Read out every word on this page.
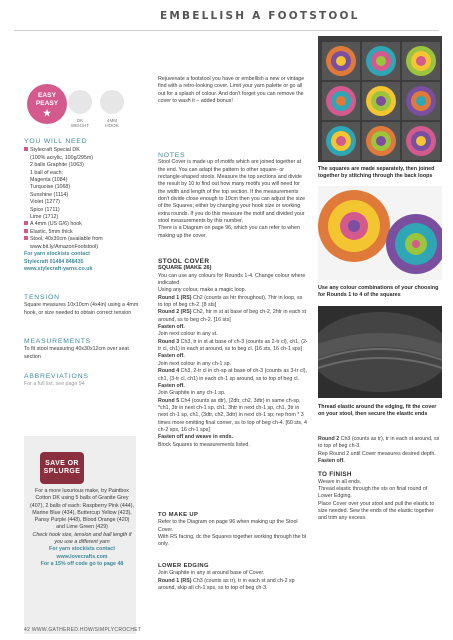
EMBELLISH A FOOTSTOOL
EASY
PEASY
★
DK
WEIGHT
4MM
HOOK
YOU WILL NEED
Stylecraft Special DK
(100% acrylic, 100g/295m)
2 balls Graphite (1063)
1 ball of each:
Magenta (1084)
Turquoise (1068)
Sunshine (1114)
Violet (1277)
Spice (1711)
Lime (1712)
A 4mm (US G/6) hook
Elastic, 5mm thick
Stool, 40x30cm (available from
www.bit.ly/AmazonFootstool)
For yarn stockists contact
Stylecraft 01484 848435
www.stylecraft-yarns.co.uk
TENSION
Square measures 10x10cm (4x4in) using a 4mm hook, or size needed to obtain correct tension
MEASUREMENTS
To fit stool measuring 40x30x12cm over seat section
ABBREVIATIONS
For a full list, see page 94
SAVE OR
SPLURGE
For a more luxurious make, try Paintbox Cotton DK using 5 balls of Granite Grey (407), 2 balls of each: Raspberry Pink (444), Marine Blue (434), Buttercup Yellow (423), Pansy Purple (448), Blood Orange (420) and Lime Green (429)
Check hook size, tension and ball length if you use a different yarn
For yarn stockists contact www.lovecrafts.com
For a 15% off code go to page 48
Rejuvenate a footstool you have or embellish a new or vintage find with a retro-looking cover. Limit your yarn palette or go all out for a splash of colour. And don't forget you can remove the cover to wash it – added bonus!
NOTES
Stool Cover is made up of motifs which are joined together at the end. You can adapt the pattern to other square- or rectangle-shaped stools. Measure the top sections and divide the result by 10 to find out how many motifs you will need for the width and length of the top section. If the measurements don't divide close enough to 10cm then you can adjust the size of the Squares; either by changing your hook size or working extra rounds. If you do this measure the motif and divided your stool measurements by this number.
There is a Diagram on page 96, which you can refer to when making up the cover.
STOOL COVER
SQUARE (MAKE 26)
You can use any colours for Rounds 1-4. Change colour where indicated.
Using any colour, make a magic loop.
Round 1 (RS) Ch2 (counts as htr throughout), 7htr in loop, ss to top of beg ch-2. [8 sts]
Round 2 (RS) Ch2, htr in st at base of beg ch-2, 2htr in each st around, ss to beg ch-2. [16 sts]
Fasten off.
Join next colour in any st.
Round 3 Ch3, tr in st at base of ch-3 (counts as 2-tr cl), ch1, (2-tr cl, ch1) in each st around, ss to beg cl. [16 sts, 16 ch-1 sps]
Fasten off.
Join next colour in any ch-1 sp.
Round 4 Ch3, 2-tr cl in ch-sp at base of ch-3 (counts as 3-tr cl), ch1, (3-tr cl, ch1) in each ch-1 sp around, ss to top of beg cl.
Fasten off.
Join Graphite in any ch-1 sp.
Round 5 Ch4 (counts as dtr), (2dtr, ch2, 3dtr) in same ch-sp, *ch1, 3tr in next ch-1 sp, ch1, 3htr in next ch-1 sp, ch1, 3tr in next ch-1 sp, ch1, (3dtr, ch2, 3dtr) in next ch-1 sp; rep from * 3 times more omitting final corner, ss to top of beg ch-4. [60 sts, 4 ch-2 sps, 16 ch-1 sps]
Fasten off and weave in ends.
Block Squares to measurements listed.
TO MAKE UP
Refer to the Diagram on page 96 when making up the Stool Cover.
With RS facing, dc the Squares together working through the bl only.
LOWER EDGING
Join Graphite in any st around base of Cover.
Round 1 (RS) Ch3 (counts as tr), tr in each st and ch-2 sp around, skip all ch-1 sps, ss to top of beg ch-3.
The squares are made separately, then joined together by stitching through the back loops
Use any colour combinations of your choosing for Rounds 1 to 4 of the squares
Thread elastic around the edging, fit the cover on your stool, then secure the elastic ends
Round 2 Ch3 (counts as tr), tr in each st around, ss to top of beg ch-3.
Rep Round 2 until Cover measures desired depth.
Fasten off.
TO FINISH
Weave in all ends.
Thread elastic through the sts on final round of Lower Edging.
Place Cover over your stool and pull the elastic to size needed. Sew the ends of the elastic together and trim any excess.
42 WWW.GATHERED.HOW/SIMPLYCROCHET
